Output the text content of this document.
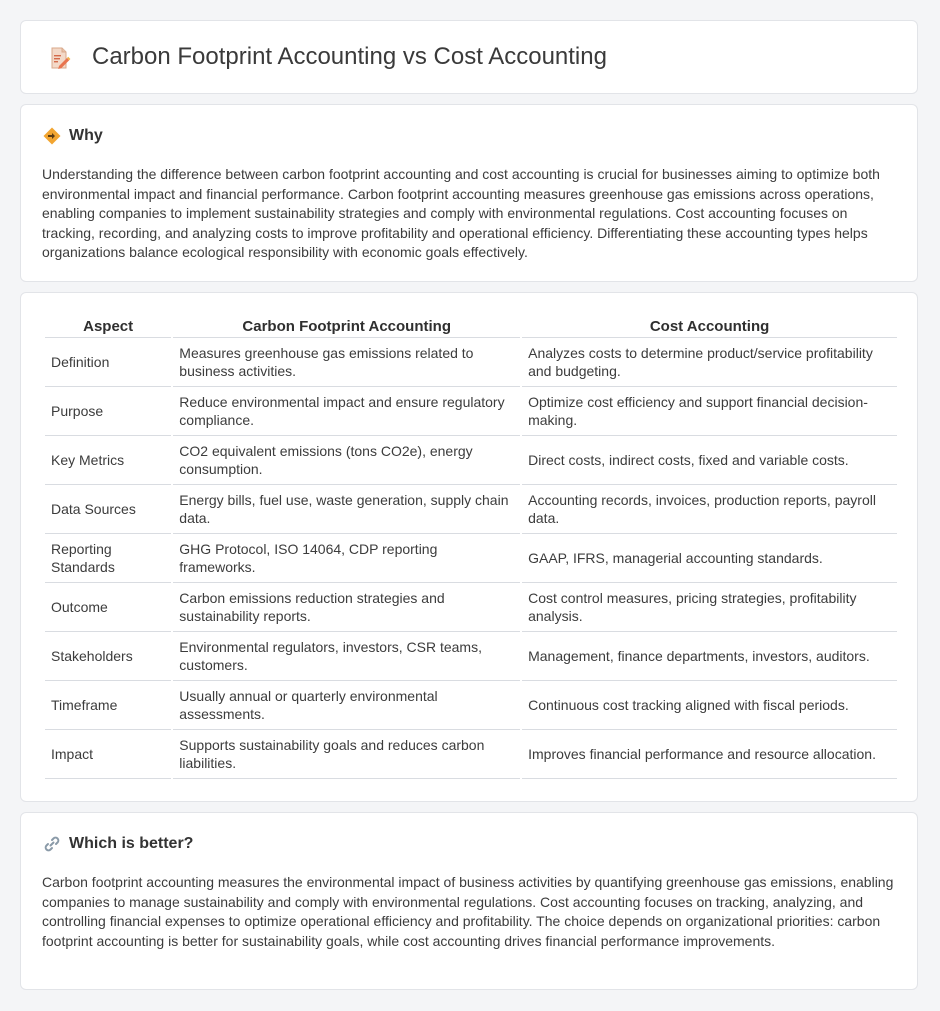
Carbon Footprint Accounting vs Cost Accounting
Why

Understanding the difference between carbon footprint accounting and cost accounting is crucial for businesses aiming to optimize both environmental impact and financial performance. Carbon footprint accounting measures greenhouse gas emissions across operations, enabling companies to implement sustainability strategies and comply with environmental regulations. Cost accounting focuses on tracking, recording, and analyzing costs to improve profitability and operational efficiency. Differentiating these accounting types helps organizations balance ecological responsibility with economic goals effectively.

Aspect	Carbon Footprint Accounting	Cost Accounting
Definition	Measures greenhouse gas emissions related to business activities.	Analyzes costs to determine product/service profitability and budgeting.
Purpose	Reduce environmental impact and ensure regulatory compliance.	Optimize cost efficiency and support financial decision-making.
Key Metrics	CO2 equivalent emissions (tons CO2e), energy consumption.	Direct costs, indirect costs, fixed and variable costs.
Data Sources	Energy bills, fuel use, waste generation, supply chain data.	Accounting records, invoices, production reports, payroll data.
Reporting Standards	GHG Protocol, ISO 14064, CDP reporting frameworks.	GAAP, IFRS, managerial accounting standards.
Outcome	Carbon emissions reduction strategies and sustainability reports.	Cost control measures, pricing strategies, profitability analysis.
Stakeholders	Environmental regulators, investors, CSR teams, customers.	Management, finance departments, investors, auditors.
Timeframe	Usually annual or quarterly environmental assessments.	Continuous cost tracking aligned with fiscal periods.
Impact	Supports sustainability goals and reduces carbon liabilities.	Improves financial performance and resource allocation.
Which is better?

Carbon footprint accounting measures the environmental impact of business activities by quantifying greenhouse gas emissions, enabling companies to manage sustainability and comply with environmental regulations. Cost accounting focuses on tracking, analyzing, and controlling financial expenses to optimize operational efficiency and profitability. The choice depends on organizational priorities: carbon footprint accounting is better for sustainability goals, while cost accounting drives financial performance improvements.
